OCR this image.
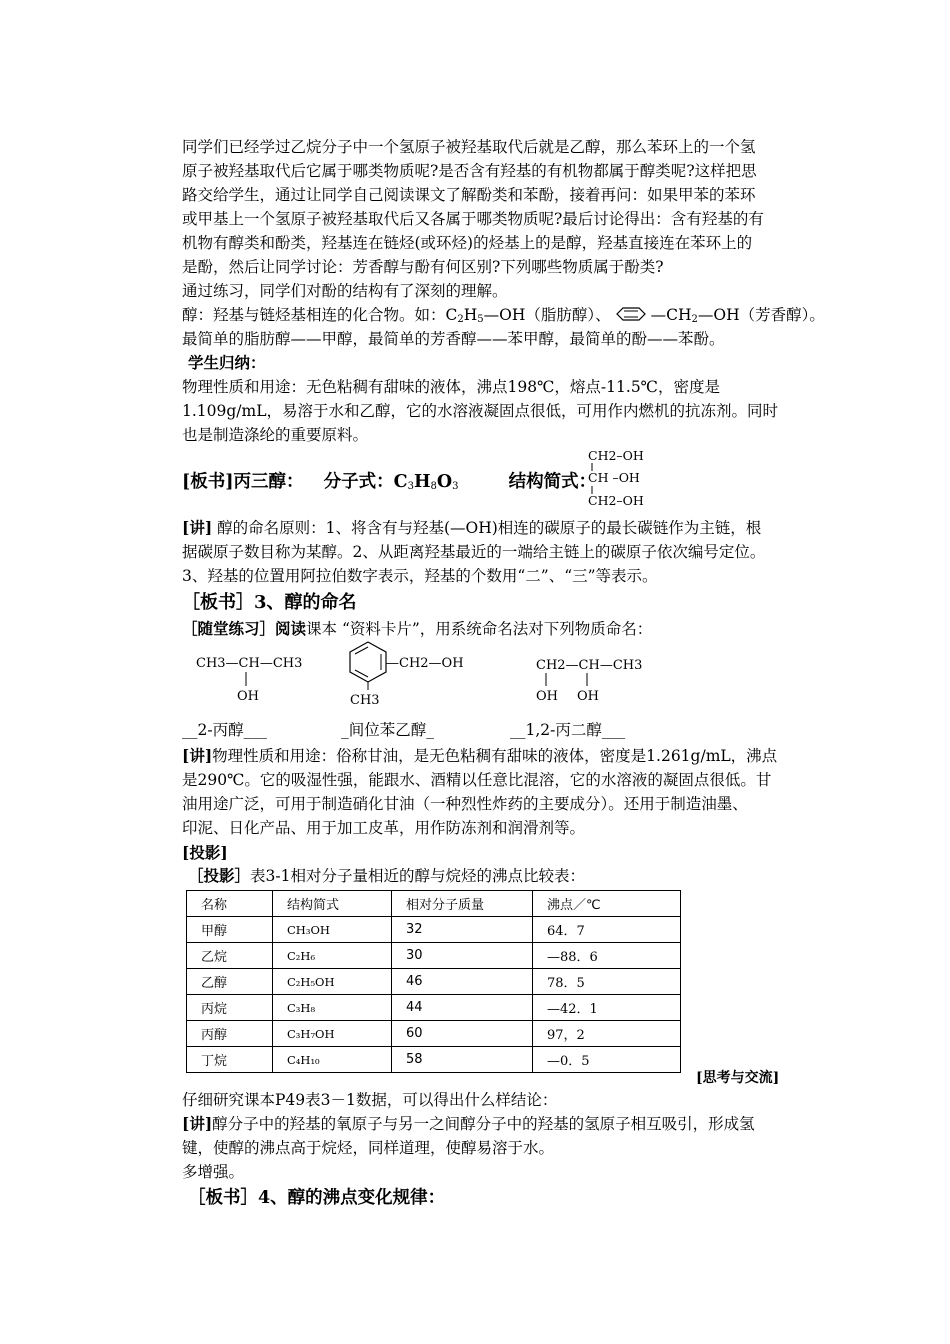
同学们已经学过乙烷分子中一个氢原子被羟基取代后就是乙醇，那么苯环上的一个氢
原子被羟基取代后它属于哪类物质呢?是否含有羟基的有机物都属于醇类呢?这样把思
路交给学生，通过让同学自己阅读课文了解酚类和苯酚，接着再问：如果甲苯的苯环
或甲基上一个氢原子被羟基取代后又各属于哪类物质呢?最后讨论得出：含有羟基的有
机物有醇类和酚类，羟基连在链烃(或环烃)的烃基上的是醇，羟基直接连在苯环上的
是酚，然后让同学讨论：芳香醇与酚有何区别?下列哪些物质属于酚类?
通过练习，同学们对酚的结构有了深刻的理解。
醇：羟基与链烃基相连的化合物。如：$C_2H_5—OH$（脂肪醇）、	$—CH_2—OH$（芳香醇）。
最简单的脂肪醇——甲醇，最简单的芳香醇——苯甲醇，最简单的酚——苯酚。
学生归纳：
物理性质和用途：无色粘稠有甜味的液体，沸点198℃，熔点-11.5℃，密度是
1.109g/mL，易溶于水和乙醇，它的水溶液凝固点很低，可用作内燃机的抗冻剂。同时
也是制造涤纶的重要原料。
[板书]丙三醇： 分子式：$C_3H_8O_3$	结构简式：
CH2–OH
CH –OH
CH2–OH
[讲] 醇的命名原则：1、将含有与羟基(—OH)相连的碳原子的最长碳链作为主链，根
据碳原子数目称为某醇。2、从距离羟基最近的一端给主链上的碳原子依次编号定位。
3、羟基的位置用阿拉伯数字表示，羟基的个数用“二”、“三”等表示。
［板书］3、醇的命名
［随堂练习］阅读课本 “资料卡片”，用系统命名法对下列物质命名：
CH3—CH—CH3
OH
—CH2—OH
CH3
CH2—CH—CH3
OH OH
__2-丙醇___	_间位苯乙醇_	__1,2-丙二醇___
[讲]物理性质和用途：俗称甘油，是无色粘稠有甜味的液体，密度是1.261g/mL，沸点
是290℃。它的吸湿性强，能跟水、酒精以任意比混溶，它的水溶液的凝固点很低。甘
油用途广泛，可用于制造硝化甘油（一种烈性炸药的主要成分）。还用于制造油墨、
印泥、日化产品、用于加工皮革，用作防冻剂和润滑剂等。
[投影]
［投影］表3-1相对分子量相近的醇与烷烃的沸点比较表：
名称	结构简式	相对分子质量	沸点／℃
甲醇	CH₃OH	32	64．7
乙烷	C₂H₆	30	—88．6
乙醇	C₂H₅OH	46	78．5
丙烷	C₃H₈	44	—42．1
丙醇	C₃H₇OH	60	97，2
丁烷	C₄H₁₀	58	—0．5
[思考与交流]
仔细研究课本P49表3－1数据，可以得出什么样结论：
[讲]醇分子中的羟基的氧原子与另一之间醇分子中的羟基的氢原子相互吸引，形成氢
键，使醇的沸点高于烷烃，同样道理，使醇易溶于水。
多增强。
［板书］4、醇的沸点变化规律：
